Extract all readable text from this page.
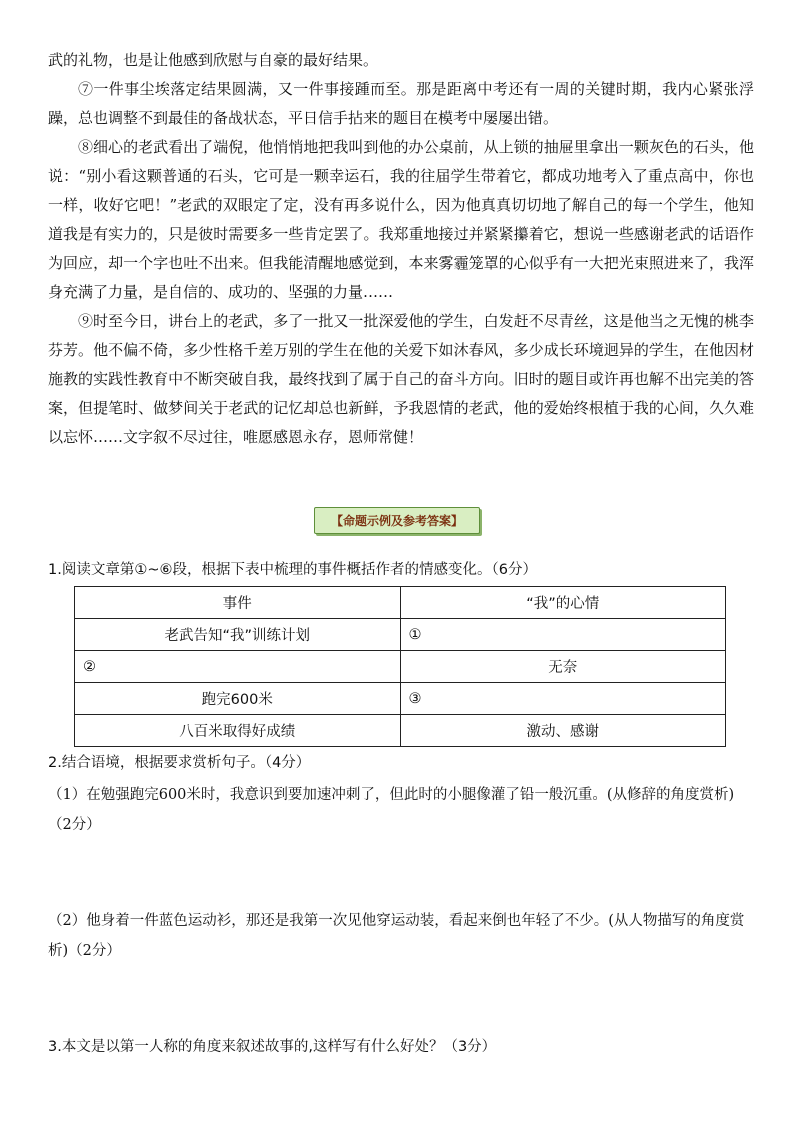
武的礼物，也是让他感到欣慰与自豪的最好结果。

⑦一件事尘埃落定结果圆满，又一件事接踵而至。那是距离中考还有一周的关键时期，我内心紧张浮躁，总也调整不到最佳的备战状态，平日信手拈来的题目在模考中屡屡出错。

⑧细心的老武看出了端倪，他悄悄地把我叫到他的办公桌前，从上锁的抽屉里拿出一颗灰色的石头，他说：“别小看这颗普通的石头，它可是一颗幸运石，我的往届学生带着它，都成功地考入了重点高中，你也一样，收好它吧！”老武的双眼定了定，没有再多说什么，因为他真真切切地了解自己的每一个学生，他知道我是有实力的，只是彼时需要多一些肯定罢了。我郑重地接过并紧紧攥着它，想说一些感谢老武的话语作为回应，却一个字也吐不出来。但我能清醒地感觉到，本来雾霾笼罩的心似乎有一大把光束照进来了，我浑身充满了力量，是自信的、成功的、坚强的力量……

⑨时至今日，讲台上的老武，多了一批又一批深爱他的学生，白发赶不尽青丝，这是他当之无愧的桃李芬芳。他不偏不倚，多少性格千差万别的学生在他的关爱下如沐春风，多少成长环境迥异的学生，在他因材施教的实践性教育中不断突破自我，最终找到了属于自己的奋斗方向。旧时的题目或许再也解不出完美的答案，但提笔时、做梦间关于老武的记忆却总也新鲜，予我恩情的老武，他的爱始终根植于我的心间，久久难以忘怀……文字叙不尽过往，唯愿感恩永存，恩师常健！

【命题示例及参考答案】

1.阅读文章第①~⑥段，根据下表中梳理的事件概括作者的情感变化。（6分）

事件	“我”的心情
老武告知“我”训练计划	①
②	无奈
跑完600米	③
八百米取得好成绩	激动、感谢

2.结合语境，根据要求赏析句子。（4分）

（1）在勉强跑完600米时，我意识到要加速冲刺了，但此时的小腿像灌了铅一般沉重。(从修辞的角度赏析)（2分）

（2）他身着一件蓝色运动衫，那还是我第一次见他穿运动装，看起来倒也年轻了不少。(从人物描写的角度赏析)（2分）

3.本文是以第一人称的角度来叙述故事的,这样写有什么好处？（3分）
